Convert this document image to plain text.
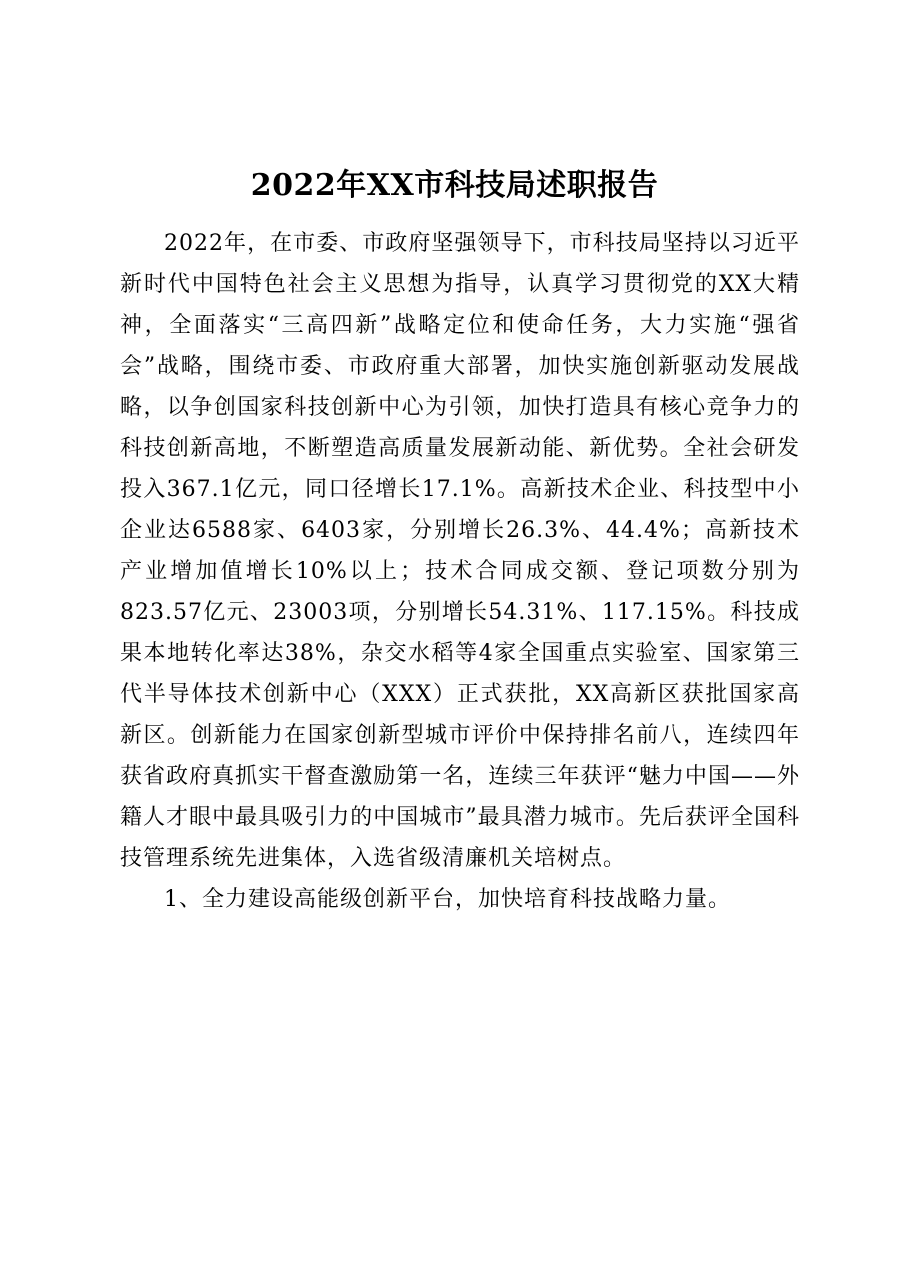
2022年XX市科技局述职报告

2022年，在市委、市政府坚强领导下，市科技局坚持以习近平新时代中国特色社会主义思想为指导，认真学习贯彻党的XX大精神，全面落实“三高四新”战略定位和使命任务，大力实施“强省会”战略，围绕市委、市政府重大部署，加快实施创新驱动发展战略，以争创国家科技创新中心为引领，加快打造具有核心竞争力的科技创新高地，不断塑造高质量发展新动能、新优势。全社会研发投入367.1亿元，同口径增长17.1%。高新技术企业、科技型中小企业达6588家、6403家，分别增长26.3%、44.4%；高新技术产业增加值增长10%以上；技术合同成交额、登记项数分别为823.57亿元、23003项，分别增长54.31%、117.15%。科技成果本地转化率达38%，杂交水稻等4家全国重点实验室、国家第三代半导体技术创新中心（XXX）正式获批，XX高新区获批国家高新区。创新能力在国家创新型城市评价中保持排名前八，连续四年获省政府真抓实干督查激励第一名，连续三年获评“魅力中国——外籍人才眼中最具吸引力的中国城市”最具潜力城市。先后获评全国科技管理系统先进集体，入选省级清廉机关培树点。

1、全力建设高能级创新平台，加快培育科技战略力量。
